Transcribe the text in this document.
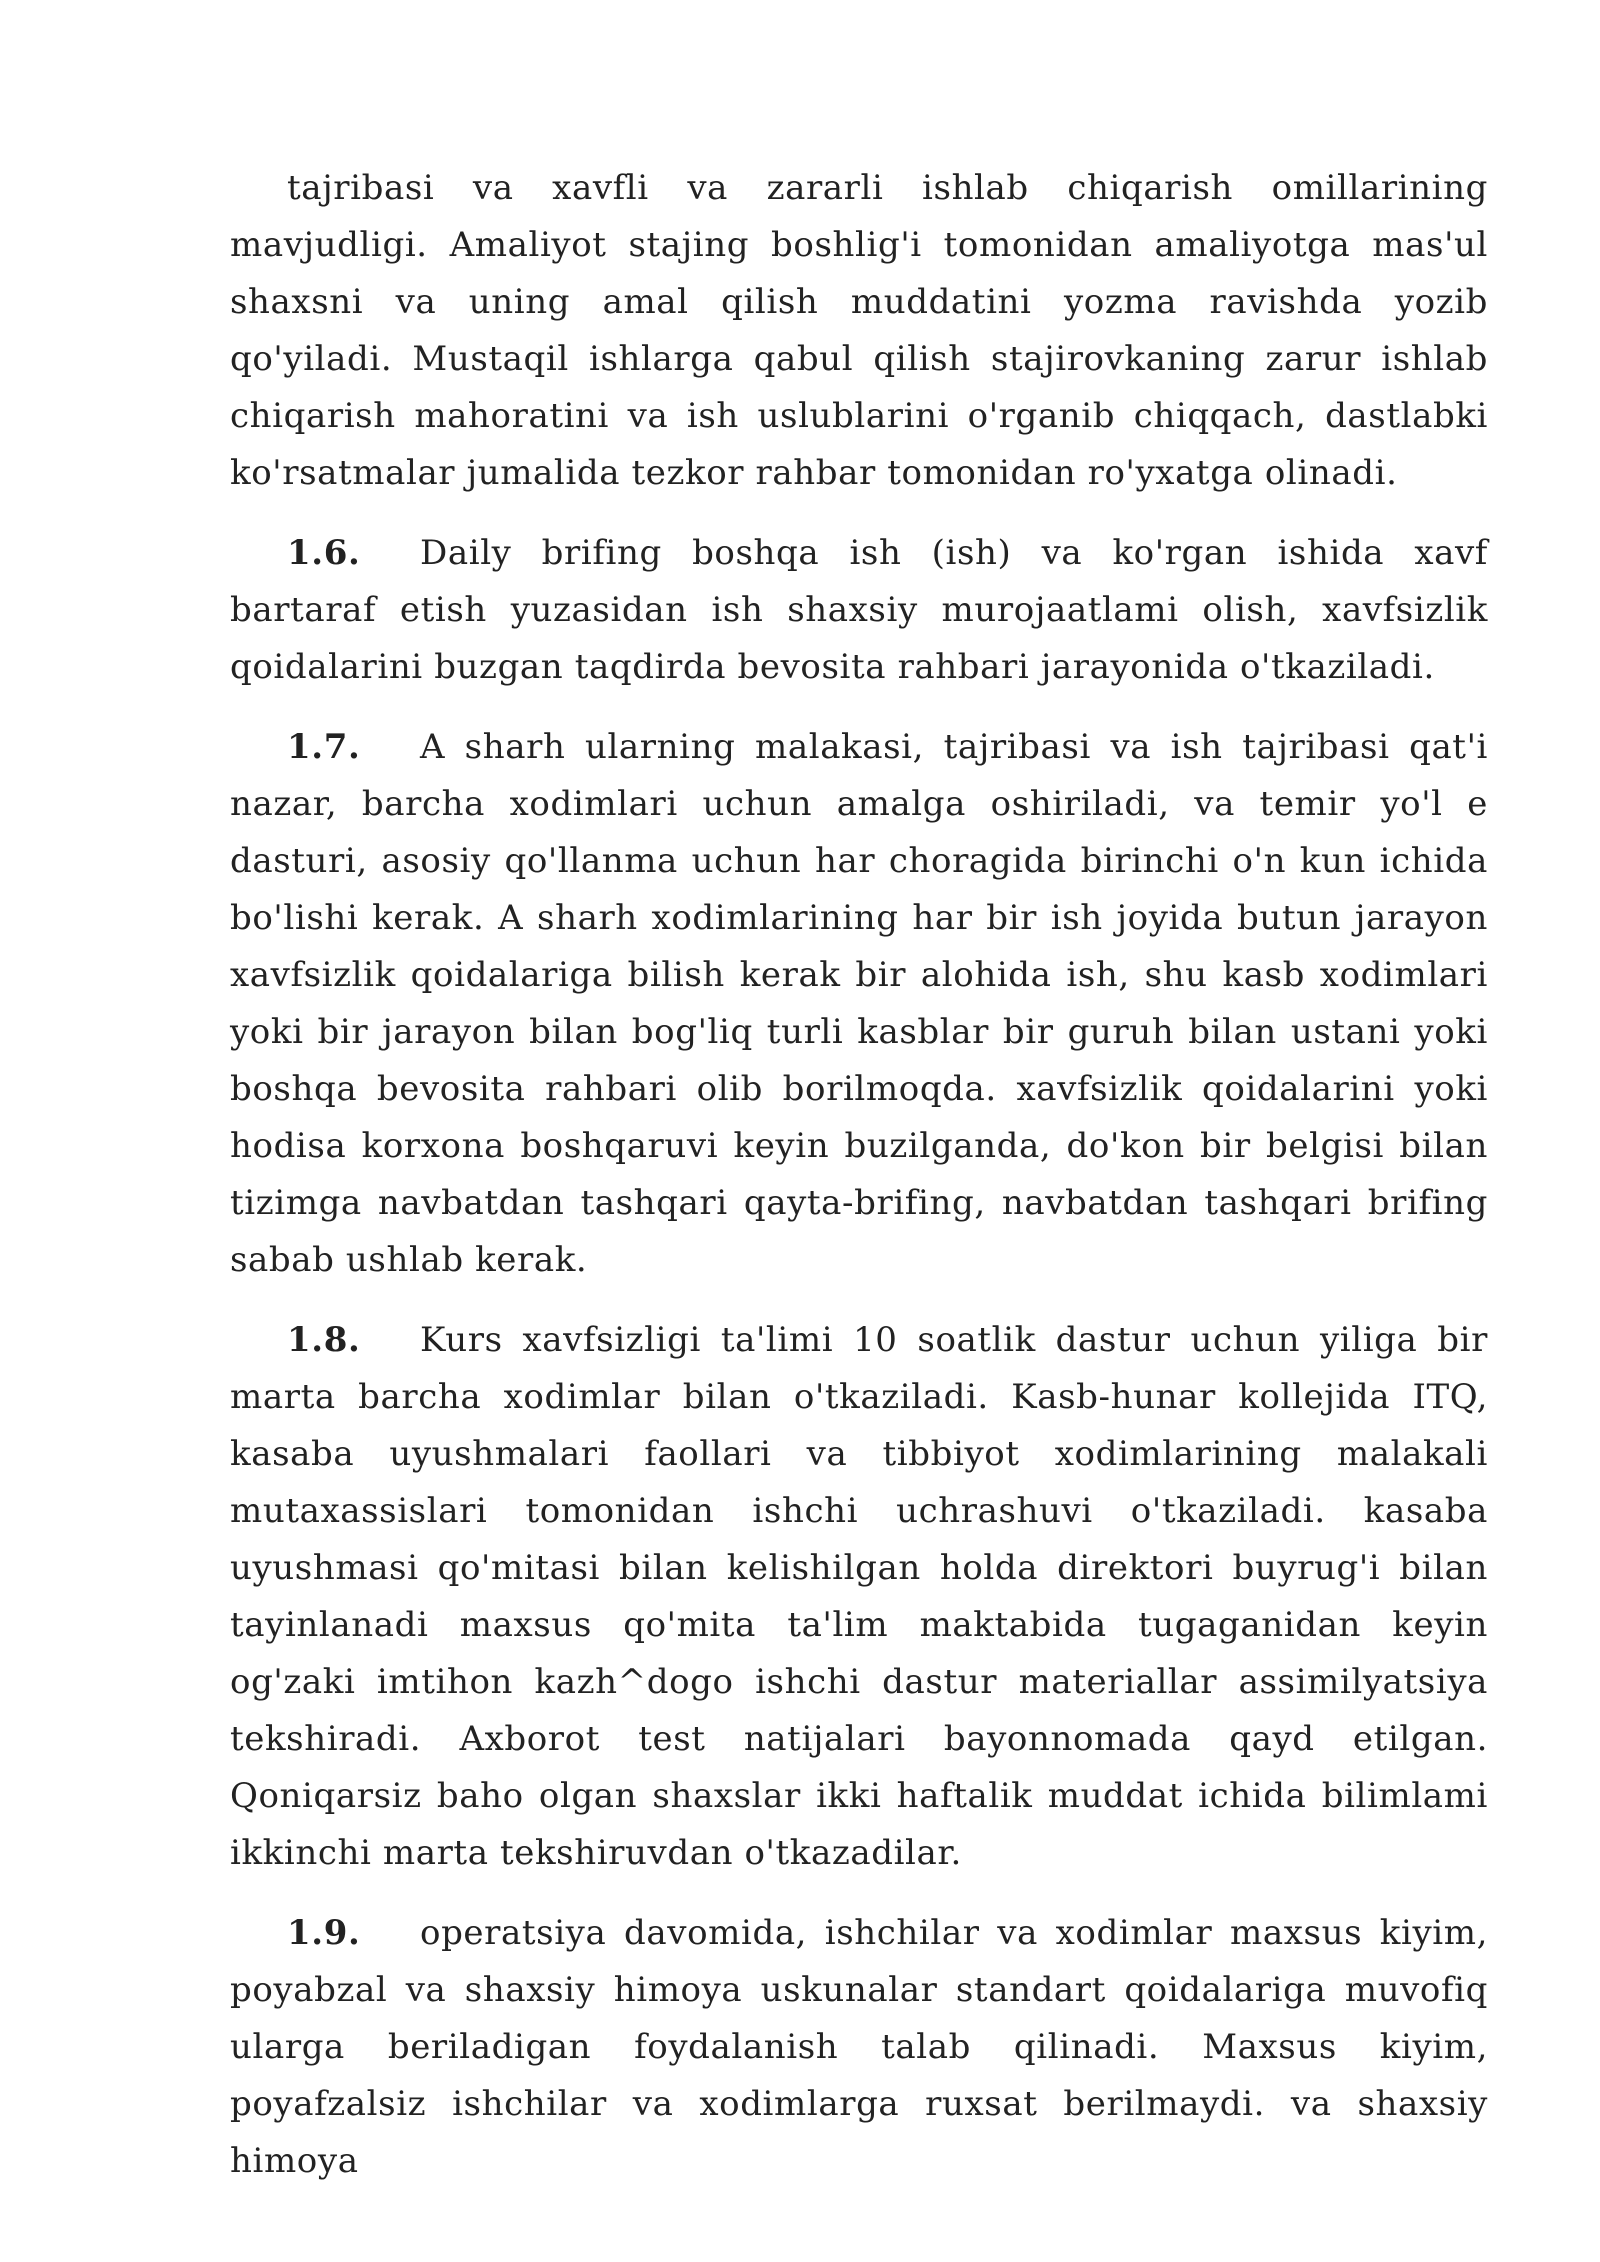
tajribasi va xavfli va zararli ishlab chiqarish omillarining mavjudligi. Amaliyot stajing boshlig'i tomonidan amaliyotga mas'ul shaxsni va uning amal qilish muddatini yozma ravishda yozib qo'yiladi. Mustaqil ishlarga qabul qilish stajirovkaning zarur ishlab chiqarish mahoratini va ish uslublarini o'rganib chiqqach, dastlabki ko'rsatmalar jumalida tezkor rahbar tomonidan ro'yxatga olinadi.

1.6. Daily brifing boshqa ish (ish) va ko'rgan ishida xavf bartaraf etish yuzasidan ish shaxsiy murojaatlami olish, xavfsizlik qoidalarini buzgan taqdirda bevosita rahbari jarayonida o'tkaziladi.

1.7. A sharh ularning malakasi, tajribasi va ish tajribasi qat'i nazar, barcha xodimlari uchun amalga oshiriladi, va temir yo'l e dasturi, asosiy qo'llanma uchun har choragida birinchi o'n kun ichida bo'lishi kerak. A sharh xodimlarining har bir ish joyida butun jarayon xavfsizlik qoidalariga bilish kerak bir alohida ish, shu kasb xodimlari yoki bir jarayon bilan bog'liq turli kasblar bir guruh bilan ustani yoki boshqa bevosita rahbari olib borilmoqda. xavfsizlik qoidalarini yoki hodisa korxona boshqaruvi keyin buzilganda, do'kon bir belgisi bilan tizimga navbatdan tashqari qayta-brifing, navbatdan tashqari brifing sabab ushlab kerak.

1.8. Kurs xavfsizligi ta'limi 10 soatlik dastur uchun yiliga bir marta barcha xodimlar bilan o'tkaziladi. Kasb-hunar kollejida ITQ, kasaba uyushmalari faollari va tibbiyot xodimlarining malakali mutaxassislari tomonidan ishchi uchrashuvi o'tkaziladi. kasaba uyushmasi qo'mitasi bilan kelishilgan holda direktori buyrug'i bilan tayinlanadi maxsus qo'mita ta'lim maktabida tugaganidan keyin og'zaki imtihon kazh^dogo ishchi dastur materiallar assimilyatsiya tekshiradi. Axborot test natijalari bayonnomada qayd etilgan. Qoniqarsiz baho olgan shaxslar ikki haftalik muddat ichida bilimlami ikkinchi marta tekshiruvdan o'tkazadilar.

1.9. operatsiya davomida, ishchilar va xodimlar maxsus kiyim, poyabzal va shaxsiy himoya uskunalar standart qoidalariga muvofiq ularga beriladigan foydalanish talab qilinadi. Maxsus kiyim, poyafzalsiz ishchilar va xodimlarga ruxsat berilmaydi. va shaxsiy himoya
